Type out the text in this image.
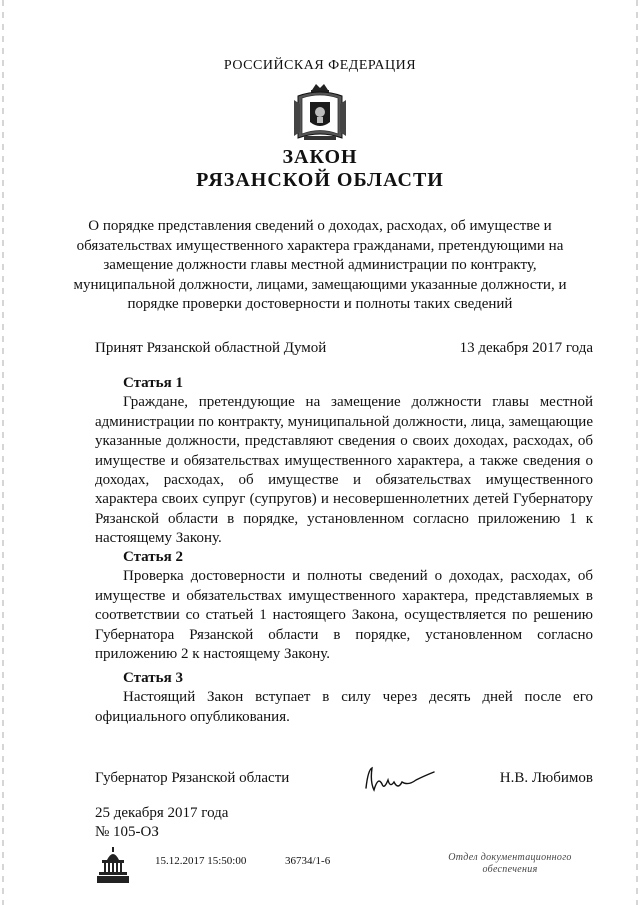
РОССИЙСКАЯ ФЕДЕРАЦИЯ
ЗАКОН
РЯЗАНСКОЙ ОБЛАСТИ
О порядке представления сведений о доходах, расходах, об имуществе и обязательствах имущественного характера гражданами, претендующими на замещение должности главы местной администрации по контракту, муниципальной должности, лицами, замещающими указанные должности, и порядке проверки достоверности и полноты таких сведений
Принят Рязанской областной Думой	13 декабря 2017 года
Статья 1
Граждане, претендующие на замещение должности главы местной администрации по контракту, муниципальной должности, лица, замещающие указанные должности, представляют сведения о своих доходах, расходах, об имуществе и обязательствах имущественного характера, а также сведения о доходах, расходах, об имуществе и обязательствах имущественного характера своих супруг (супругов) и несовершеннолетних детей Губернатору Рязанской области в порядке, установленном согласно приложению 1 к настоящему Закону.
Статья 2
Проверка достоверности и полноты сведений о доходах, расходах, об имуществе и обязательствах имущественного характера, представляемых в соответствии со статьей 1 настоящего Закона, осуществляется по решению Губернатора Рязанской области в порядке, установленном согласно приложению 2 к настоящему Закону.
Статья 3
Настоящий Закон вступает в силу через десять дней после его официального опубликования.
Губернатор Рязанской области	Н.В. Любимов
25 декабря 2017 года
№ 105-ОЗ
15.12.2017 15:50:00	36734/1-6	Отдел документационного
обеспечения
